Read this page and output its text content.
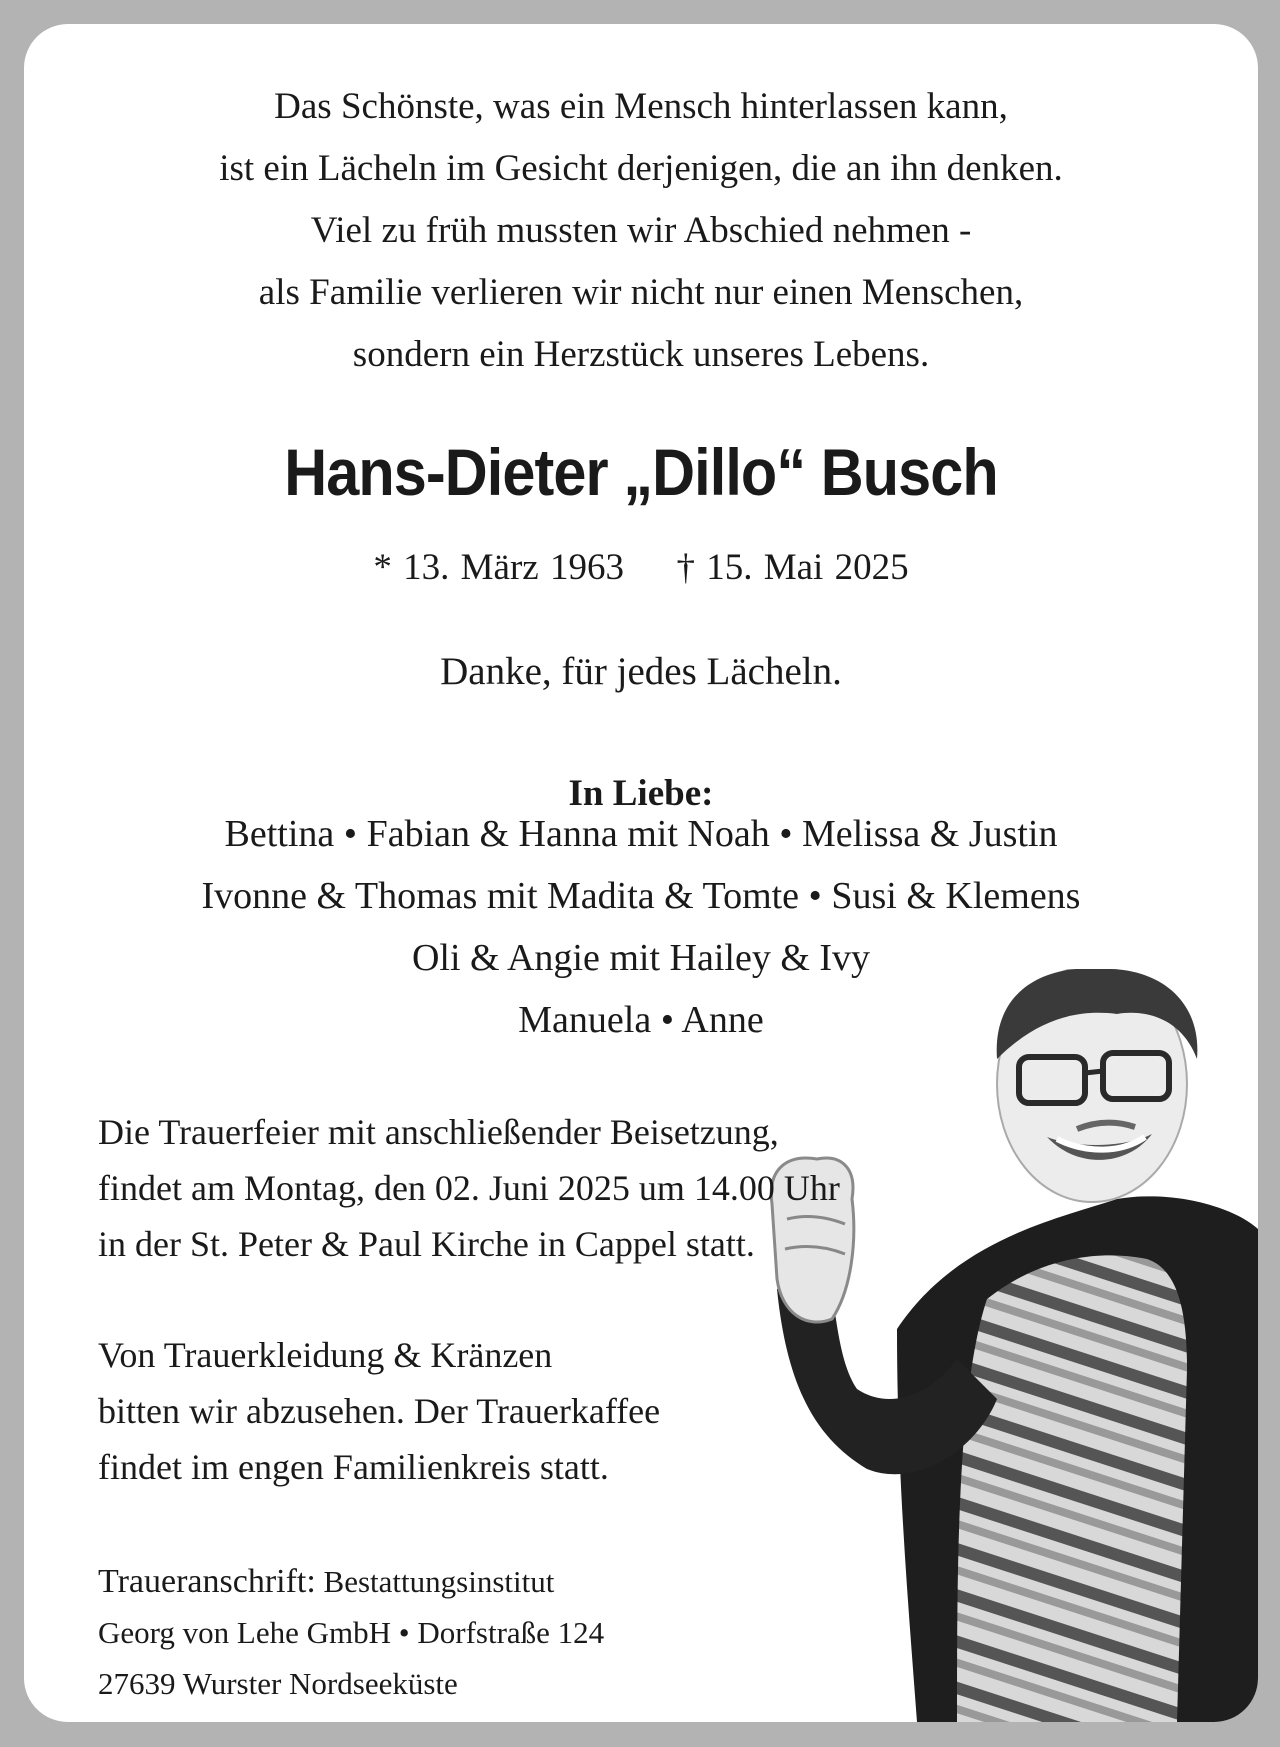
Das Schönste, was ein Mensch hinterlassen kann,
ist ein Lächeln im Gesicht derjenigen, die an ihn denken.
Viel zu früh mussten wir Abschied nehmen -
als Familie verlieren wir nicht nur einen Menschen,
sondern ein Herzstück unseres Lebens.
Hans-Dieter „Dillo“ Busch
* 13. März 1963 † 15. Mai 2025
Danke, für jedes Lächeln.
In Liebe:
Bettina • Fabian & Hanna mit Noah • Melissa & Justin
Ivonne & Thomas mit Madita & Tomte • Susi & Klemens
Oli & Angie mit Hailey & Ivy
Manuela • Anne
Die Trauerfeier mit anschließender Beisetzung,
findet am Montag, den 02. Juni 2025 um 14.00 Uhr
in der St. Peter & Paul Kirche in Cappel statt.
Von Trauerkleidung & Kränzen
bitten wir abzusehen. Der Trauerkaffee
findet im engen Familienkreis statt.
Traueranschrift: Bestattungsinstitut
Georg von Lehe GmbH • Dorfstraße 124
27639 Wurster Nordseeküste
